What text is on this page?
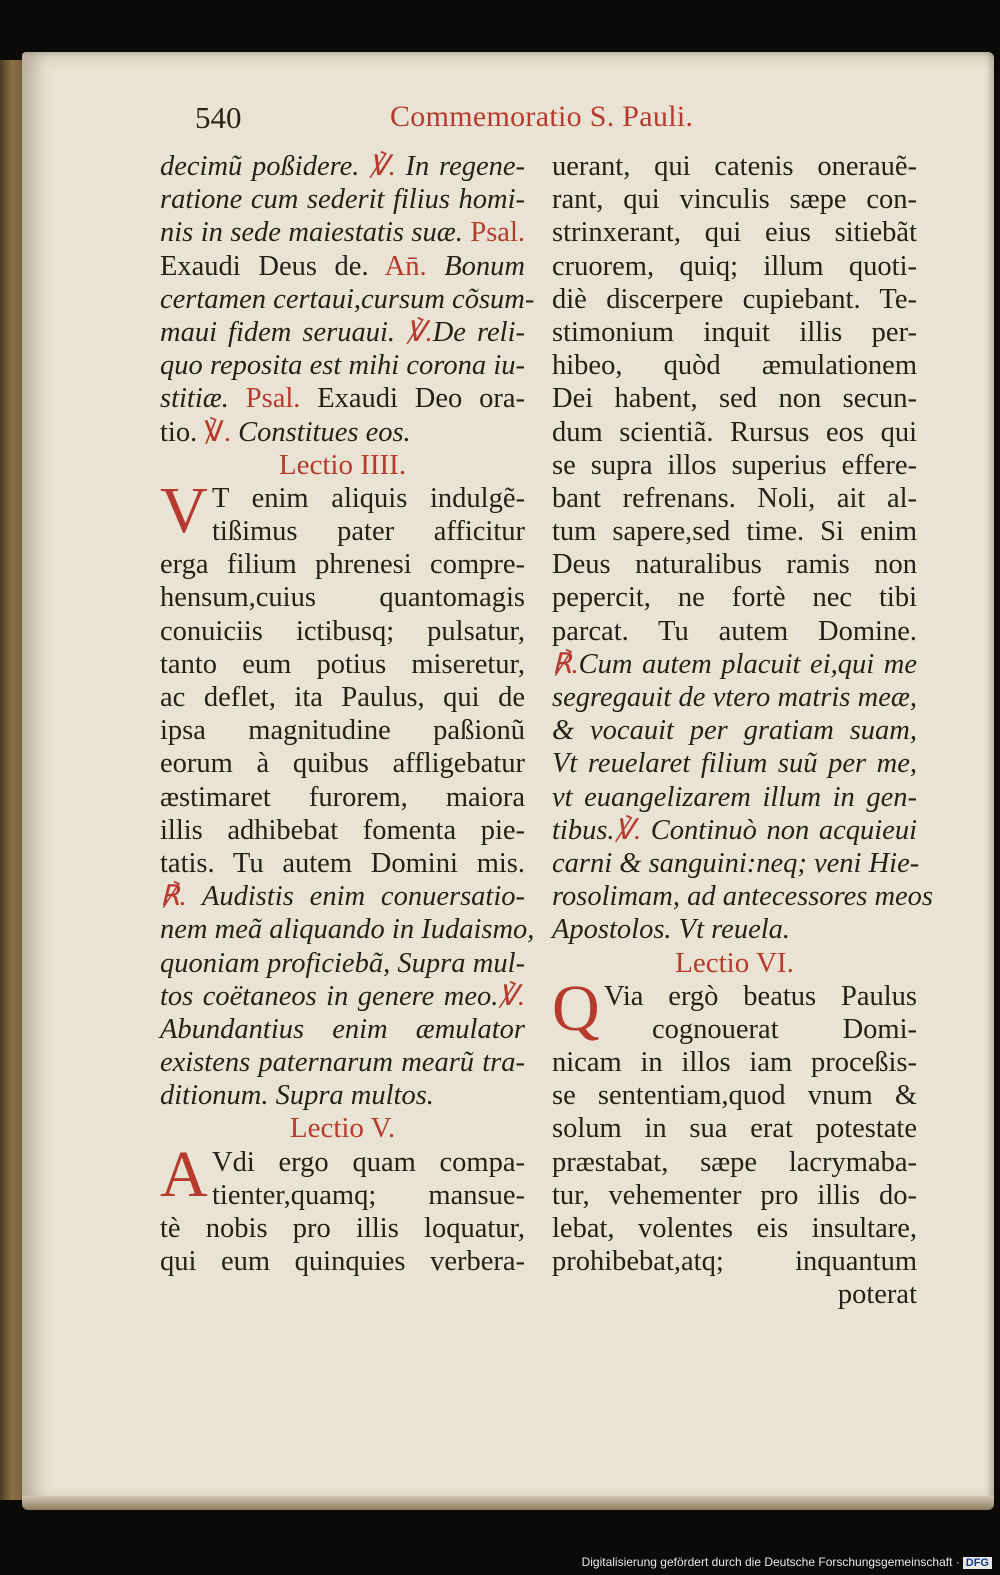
540	Commemoratio S. Pauli.
decimũ poßidere. ℣. In regene-
ratione cum sederit filius homi-
nis in sede maiestatis suæ. Psal.
Exaudi Deus de. An̄. Bonum
certamen certaui,cursum cõsum-
maui fidem seruaui. ℣.De reli-
quo reposita est mihi corona iu-
stitiæ. Psal. Exaudi Deo ora-
tio. ℣. Constitues eos.
Lectio IIII.
V T enim aliquis indulgẽ-
tißimus pater afficitur
erga filium phrenesi compre-
hensum,cuius quantomagis
conuiciis ictibusq; pulsatur,
tanto eum potius miseretur,
ac deflet, ita Paulus, qui de
ipsa magnitudine paßionũ
eorum à quibus affligebatur
æstimaret furorem, maiora
illis adhibebat fomenta pie-
tatis. Tu autem Domini mis.
℟. Audistis enim conuersatio-
nem meã aliquando in Iudaismo,
quoniam proficiebã, Supra mul-
tos coëtaneos in genere meo.℣.
Abundantius enim æmulator
existens paternarum mearũ tra-
ditionum. Supra multos.
Lectio V.
A Vdi ergo quam compa-
tienter,quamq; mansue-
tè nobis pro illis loquatur,
qui eum quinquies verbera-
uerant, qui catenis onerauẽ-
rant, qui vinculis sæpe con-
strinxerant, qui eius sitiebãt
cruorem, quiq; illum quoti-
diè discerpere cupiebant. Te-
stimonium inquit illis per-
hibeo, quòd æmulationem
Dei habent, sed non secun-
dum scientiã. Rursus eos qui
se supra illos superius effere-
bant refrenans. Noli, ait al-
tum sapere,sed time. Si enim
Deus naturalibus ramis non
pepercit, ne fortè nec tibi
parcat. Tu autem Domine.
℟.Cum autem placuit ei,qui me
segregauit de vtero matris meæ,
& vocauit per gratiam suam,
Vt reuelaret filium suũ per me,
vt euangelizarem illum in gen-
tibus.℣. Continuò non acquieui
carni & sanguini:neq; veni Hie-
rosolimam, ad antecessores meos
Apostolos. Vt reuela.
Lectio VI.
Q Via ergò beatus Paulus
cognouerat Domi-
nicam in illos iam proceßis-
se sententiam,quod vnum &
solum in sua erat potestate
præstabat, sæpe lacrymaba-
tur, vehementer pro illis do-
lebat, volentes eis insultare,
prohibebat,atq; inquantum
poterat
Digitalisierung gefördert durch die Deutsche Forschungsgemeinschaft · DFG
